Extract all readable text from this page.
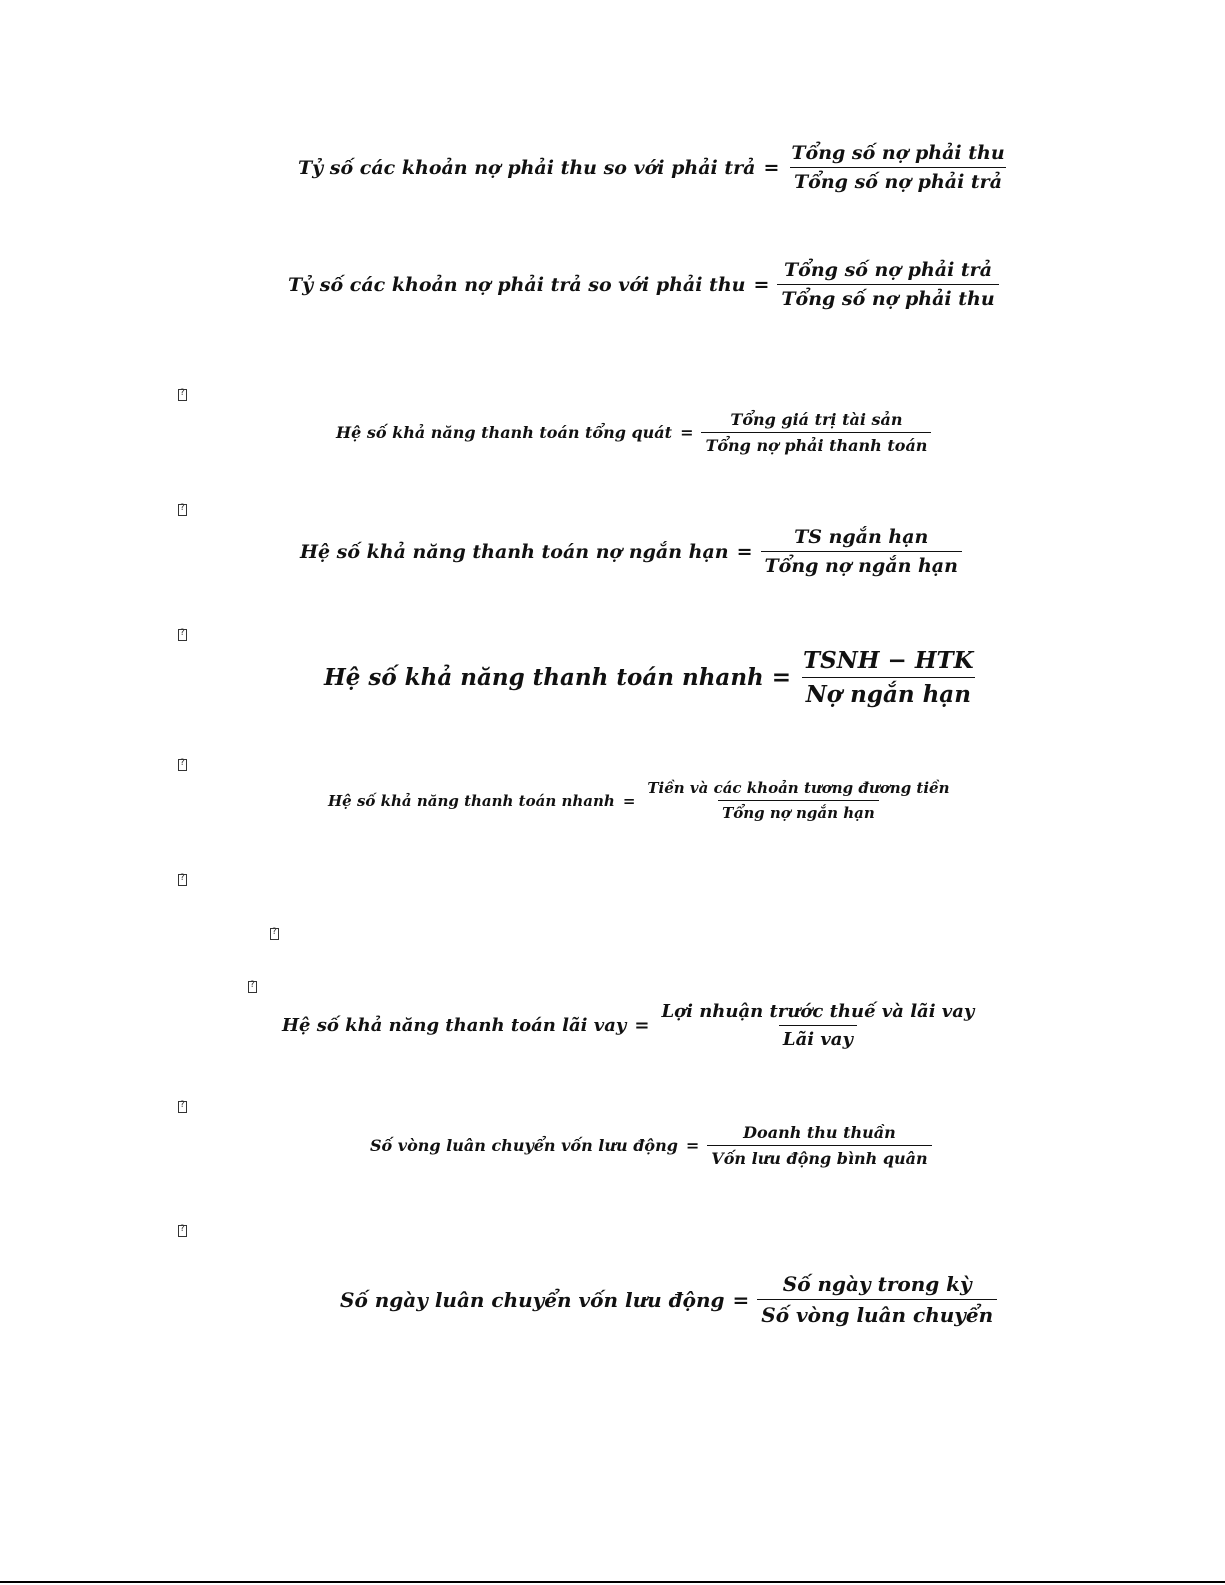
Tỷ số các khoản nợ phải thu so với phải trả = $\frac{\text{Tổng số nợ phải thu}}{\text{Tổng số nợ phải trả}}$
Tỷ số các khoản nợ phải trả so với phải thu = $\frac{\text{Tổng số nợ phải trả}}{\text{Tổng số nợ phải thu}}$
?
Hệ số khả năng thanh toán tổng quát = $\frac{\text{Tổng giá trị tài sản}}{\text{Tổng nợ phải thanh toán}}$
?
Hệ số khả năng thanh toán nợ ngắn hạn = $\frac{\text{TS ngắn hạn}}{\text{Tổng nợ ngắn hạn}}$
?
Hệ số khả năng thanh toán nhanh = $\frac{\text{TSNH − HTK}}{\text{Nợ ngắn hạn}}$
?
Hệ số khả năng thanh toán nhanh = $\frac{\text{Tiền và các khoản tương đương tiền}}{\text{Tổng nợ ngắn hạn}}$
?
?
?
Hệ số khả năng thanh toán lãi vay = $\frac{\text{Lợi nhuận trước thuế và lãi vay}}{\text{Lãi vay}}$
?
Số vòng luân chuyển vốn lưu động = $\frac{\text{Doanh thu thuần}}{\text{Vốn lưu động bình quân}}$
?
Số ngày luân chuyển vốn lưu động = $\frac{\text{Số ngày trong kỳ}}{\text{Số vòng luân chuyển}}$
